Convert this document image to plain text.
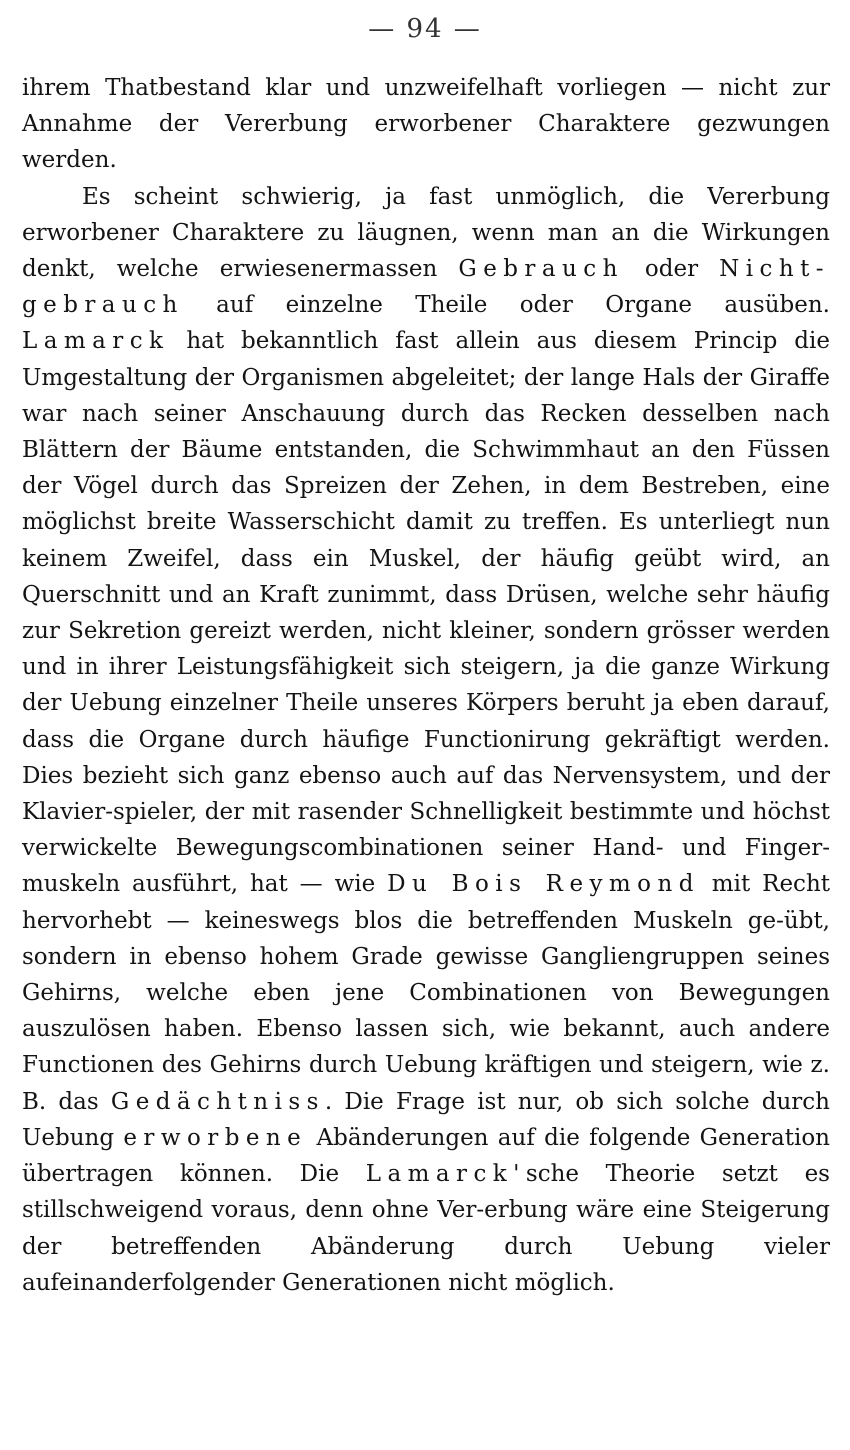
— 94 —

ihrem Thatbestand klar und unzweifelhaft vorliegen — nicht zur Annahme der Vererbung erworbener Charaktere gezwungen werden.

Es scheint schwierig, ja fast unmöglich, die Vererbung erworbener Charaktere zu läugnen, wenn man an die Wirkungen denkt, welche erwiesenermassen Gebrauch oder Nicht-gebrauch auf einzelne Theile oder Organe ausüben. Lamarck hat bekanntlich fast allein aus diesem Princip die Umgestaltung der Organismen abgeleitet; der lange Hals der Giraffe war nach seiner Anschauung durch das Recken desselben nach Blättern der Bäume entstanden, die Schwimmhaut an den Füssen der Vögel durch das Spreizen der Zehen, in dem Bestreben, eine möglichst breite Wasserschicht damit zu treffen. Es unterliegt nun keinem Zweifel, dass ein Muskel, der häufig geübt wird, an Querschnitt und an Kraft zunimmt, dass Drüsen, welche sehr häufig zur Sekretion gereizt werden, nicht kleiner, sondern grösser werden und in ihrer Leistungsfähigkeit sich steigern, ja die ganze Wirkung der Uebung einzelner Theile unseres Körpers beruht ja eben darauf, dass die Organe durch häufige Functionirung gekräftigt werden. Dies bezieht sich ganz ebenso auch auf das Nervensystem, und der Klavier-spieler, der mit rasender Schnelligkeit bestimmte und höchst verwickelte Bewegungscombinationen seiner Hand- und Finger-muskeln ausführt, hat — wie Du Bois Reymond mit Recht hervorhebt — keineswegs blos die betreffenden Muskeln ge-übt, sondern in ebenso hohem Grade gewisse Gangliengruppen seines Gehirns, welche eben jene Combinationen von Bewegungen auszulösen haben. Ebenso lassen sich, wie bekannt, auch andere Functionen des Gehirns durch Uebung kräftigen und steigern, wie z. B. das Gedächtniss. Die Frage ist nur, ob sich solche durch Uebung erworbene Abänderungen auf die folgende Generation übertragen können. Die Lamarck'sche Theorie setzt es stillschweigend voraus, denn ohne Ver-erbung wäre eine Steigerung der betreffenden Abänderung durch Uebung vieler aufeinanderfolgender Generationen nicht möglich.
